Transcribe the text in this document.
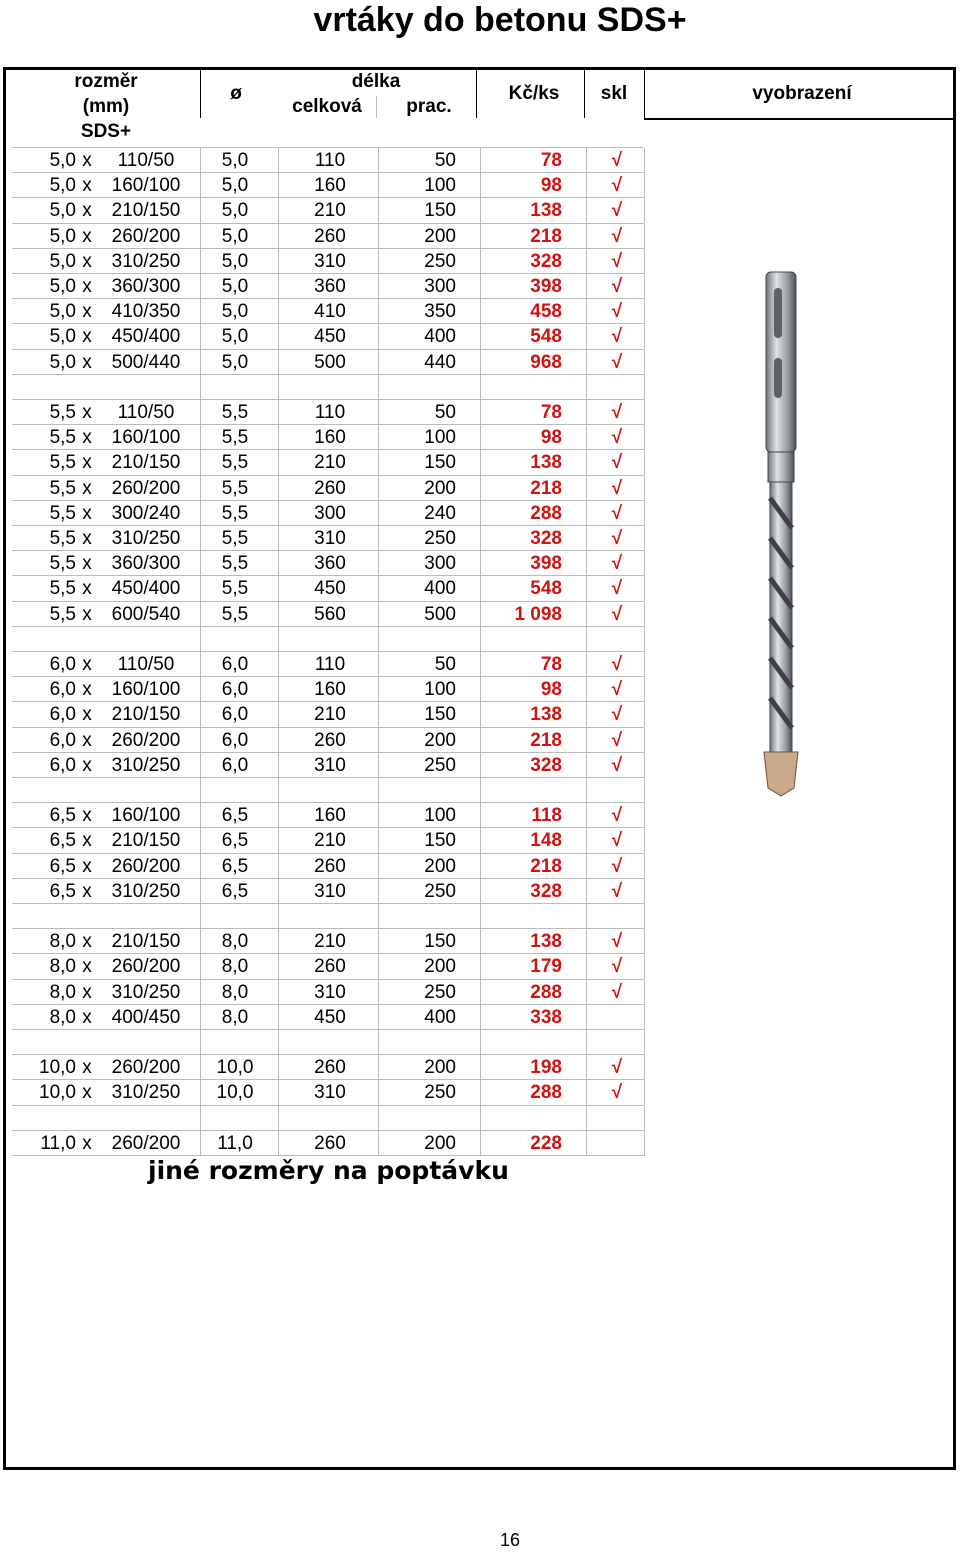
vrtáky do betonu SDS+
rozměr
(mm)
SDS+
ø
délka
celková	prac.
Kč/ks	skl	vyobrazení
5,0 x	110/50	5,0	110	50	78	√
5,0 x	160/100	5,0	160	100	98	√
5,0 x	210/150	5,0	210	150	138	√
5,0 x	260/200	5,0	260	200	218	√
5,0 x	310/250	5,0	310	250	328	√
5,0 x	360/300	5,0	360	300	398	√
5,0 x	410/350	5,0	410	350	458	√
5,0 x	450/400	5,0	450	400	548	√
5,0 x	500/440	5,0	500	440	968	√
5,5 x	110/50	5,5	110	50	78	√
5,5 x	160/100	5,5	160	100	98	√
5,5 x	210/150	5,5	210	150	138	√
5,5 x	260/200	5,5	260	200	218	√
5,5 x	300/240	5,5	300	240	288	√
5,5 x	310/250	5,5	310	250	328	√
5,5 x	360/300	5,5	360	300	398	√
5,5 x	450/400	5,5	450	400	548	√
5,5 x	600/540	5,5	560	500	1 098	√
6,0 x	110/50	6,0	110	50	78	√
6,0 x	160/100	6,0	160	100	98	√
6,0 x	210/150	6,0	210	150	138	√
6,0 x	260/200	6,0	260	200	218	√
6,0 x	310/250	6,0	310	250	328	√
6,5 x	160/100	6,5	160	100	118	√
6,5 x	210/150	6,5	210	150	148	√
6,5 x	260/200	6,5	260	200	218	√
6,5 x	310/250	6,5	310	250	328	√
8,0 x	210/150	8,0	210	150	138	√
8,0 x	260/200	8,0	260	200	179	√
8,0 x	310/250	8,0	310	250	288	√
8,0 x	400/450	8,0	450	400	338
10,0 x	260/200	10,0	260	200	198	√
10,0 x	310/250	10,0	310	250	288	√
11,0 x	260/200	11,0	260	200	228
jiné rozměry na poptávku
16
